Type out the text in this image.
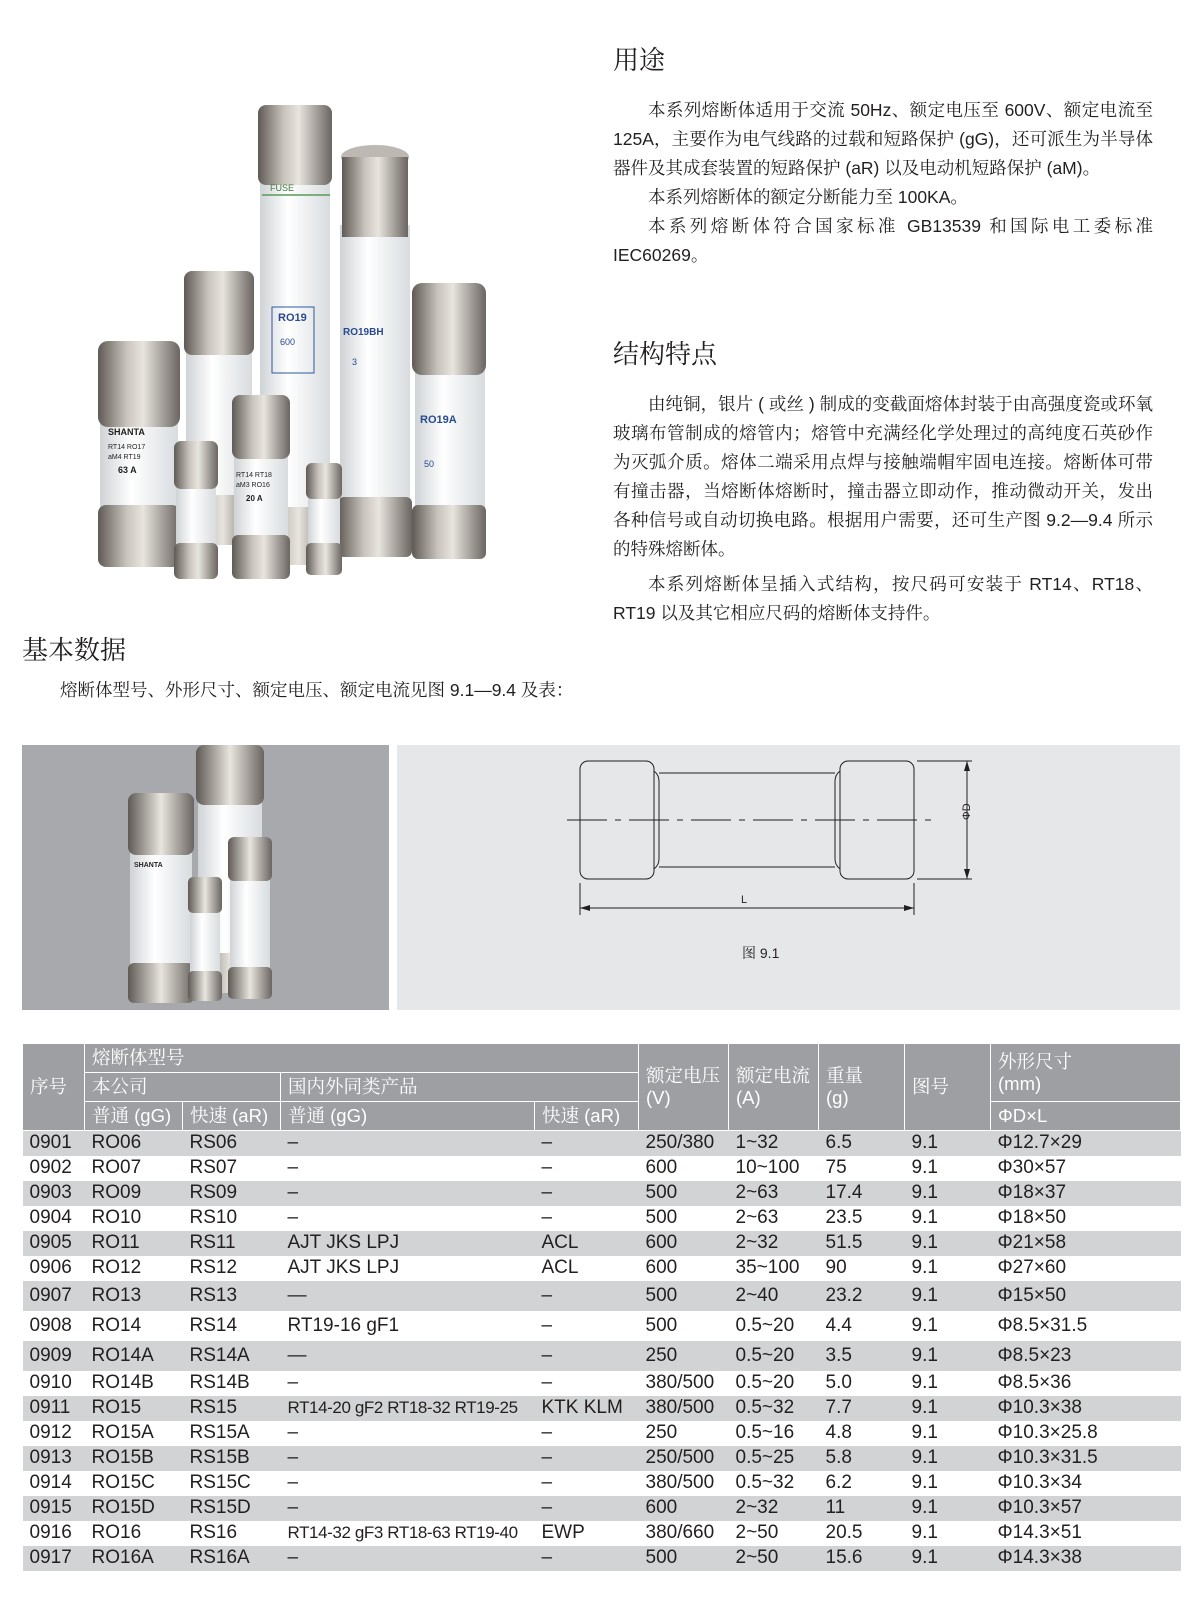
FUSE
RO19
600
RO19BH
3
RO19A
50
SHANTA
RT14 RO17
aM4 RT19
63 A
RT14 RT18
aM3 RO16
20 A
用途

本系列熔断体适用于交流 50Hz、额定电压至 600V、额定电流至 125A，主要作为电气线路的过载和短路保护 (gG)，还可派生为半导体器件及其成套装置的短路保护 (aR) 以及电动机短路保护 (aM)。

本系列熔断体的额定分断能力至 100KA。

本系列熔断体符合国家标准 GB13539 和国际电工委标准 IEC60269。

结构特点

由纯铜，银片 ( 或丝 ) 制成的变截面熔体封装于由高强度瓷或环氧玻璃布管制成的熔管内；熔管中充满经化学处理过的高纯度石英砂作为灭弧介质。熔体二端采用点焊与接触端帽牢固电连接。熔断体可带有撞击器，当熔断体熔断时，撞击器立即动作，推动微动开关，发出各种信号或自动切换电路。根据用户需要，还可生产图 9.2—9.4 所示的特殊熔断体。

本系列熔断体呈插入式结构，按尺码可安装于 RT14、RT18、RT19 以及其它相应尺码的熔断体支持件。

基本数据
熔断体型号、外形尺寸、额定电压、额定电流见图 9.1—9.4 及表：
SHANTA
ΦD
L
图 9.1
序号	熔断体型号				额定电压
(V)	额定电流
(A)	重量
(g)	图号	外形尺寸
(mm)
	本公司		国内外同类产品						
	普通 (gG)	快速 (aR)	普通 (gG)	快速 (aR)					ΦD×L
0901	RO06	RS06	–	–	250/380	1~32	6.5	9.1	Φ12.7×29
0902	RO07	RS07	–	–	600	10~100	75	9.1	Φ30×57
0903	RO09	RS09	–	–	500	2~63	17.4	9.1	Φ18×37
0904	RO10	RS10	–	–	500	2~63	23.5	9.1	Φ18×50
0905	RO11	RS11	AJT JKS LPJ	ACL	600	2~32	51.5	9.1	Φ21×58
0906	RO12	RS12	AJT JKS LPJ	ACL	600	35~100	90	9.1	Φ27×60
0907	RO13	RS13	—	–	500	2~40	23.2	9.1	Φ15×50
0908	RO14	RS14	RT19-16 gF1	–	500	0.5~20	4.4	9.1	Φ8.5×31.5
0909	RO14A	RS14A	—	–	250	0.5~20	3.5	9.1	Φ8.5×23
0910	RO14B	RS14B	–	–	380/500	0.5~20	5.0	9.1	Φ8.5×36
0911	RO15	RS15	RT14-20 gF2 RT18-32 RT19-25	KTK KLM	380/500	0.5~32	7.7	9.1	Φ10.3×38
0912	RO15A	RS15A	–	–	250	0.5~16	4.8	9.1	Φ10.3×25.8
0913	RO15B	RS15B	–	–	250/500	0.5~25	5.8	9.1	Φ10.3×31.5
0914	RO15C	RS15C	–	–	380/500	0.5~32	6.2	9.1	Φ10.3×34
0915	RO15D	RS15D	–	–	600	2~32	11	9.1	Φ10.3×57
0916	RO16	RS16	RT14-32 gF3 RT18-63 RT19-40	EWP	380/660	2~50	20.5	9.1	Φ14.3×51
0917	RO16A	RS16A	–	–	500	2~50	15.6	9.1	Φ14.3×38
